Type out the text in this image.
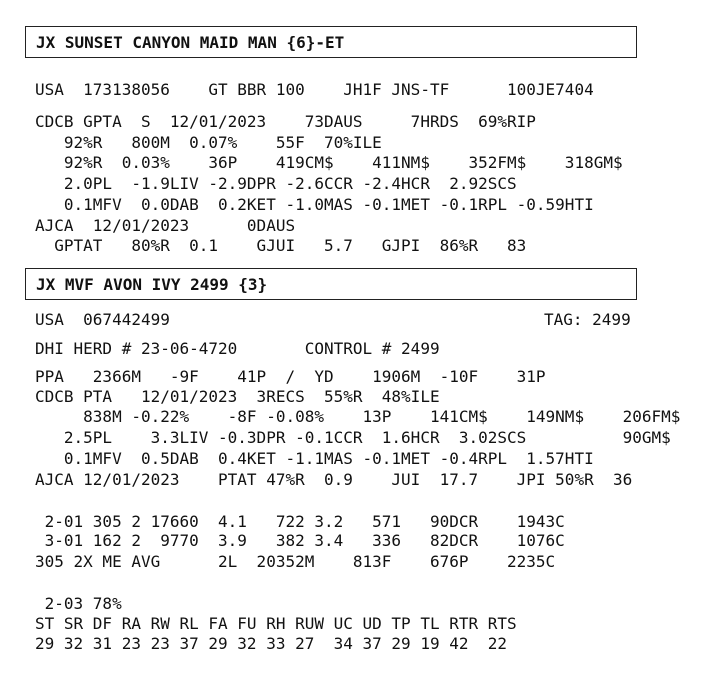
JX SUNSET CANYON MAID MAN {6}-ET
USA  173138056    GT BBR 100    JH1F JNS-TF      100JE7404
CDCB GPTA  S  12/01/2023    73DAUS     7HRDS  69%RIP
92%R   800M  0.07%    55F  70%ILE
92%R  0.03%    36P    419CM$    411NM$    352FM$    318GM$
2.0PL  -1.9LIV -2.9DPR -2.6CCR -2.4HCR  2.92SCS
0.1MFV  0.0DAB  0.2KET -1.0MAS -0.1MET -0.1RPL -0.59HTI
AJCA  12/01/2023      0DAUS
GPTAT   80%R  0.1    GJUI   5.7   GJPI  86%R   83
JX MVF AVON IVY 2499 {3}
USA  067442499	TAG: 2499
DHI HERD # 23-06-4720       CONTROL # 2499
PPA   2366M   -9F    41P  /  YD    1906M  -10F    31P
CDCB PTA   12/01/2023  3RECS  55%R  48%ILE
838M -0.22%    -8F -0.08%    13P    141CM$    149NM$    206FM$
2.5PL    3.3LIV -0.3DPR -0.1CCR  1.6HCR  3.02SCS          90GM$
0.1MFV  0.5DAB  0.4KET -1.1MAS -0.1MET -0.4RPL  1.57HTI
AJCA 12/01/2023    PTAT 47%R  0.9    JUI  17.7    JPI 50%R  36
2-01 305 2 17660  4.1   722 3.2   571   90DCR    1943C
3-01 162 2  9770  3.9   382 3.4   336   82DCR    1076C
305 2X ME AVG      2L  20352M    813F    676P    2235C
2-03 78%
ST SR DF RA RW RL FA FU RH RUW UC UD TP TL RTR RTS
29 32 31 23 23 37 29 32 33 27  34 37 29 19 42  22
